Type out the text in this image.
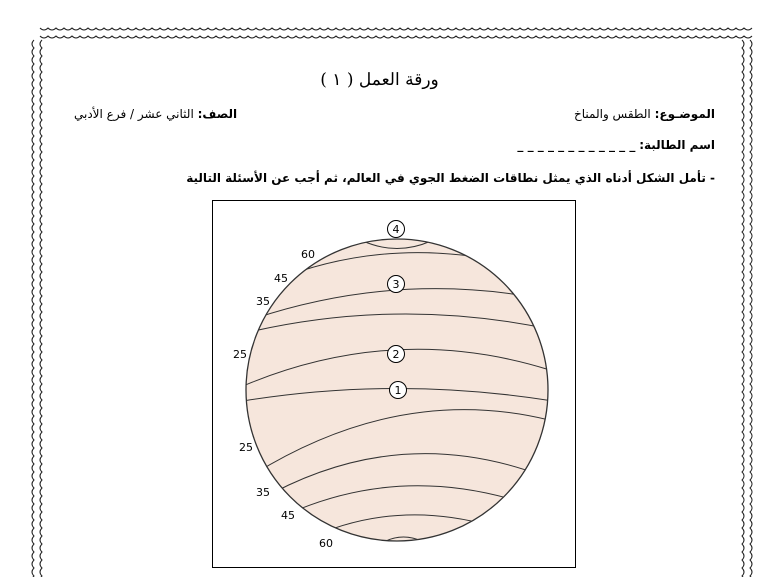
ورقة العمل ( ١ )
الموضـوع: الطقس والمناخ
الصف: الثاني عشر / فرع الأدبي
اسم الطالبة: _ _ _ _ _ _ _ _ _ _ _ _
- تأمل الشكل أدناه الذي يمثل نطاقات الضغط الجوي في العالم، ثم أجب عن الأسئلة التالية
4
3
2
1
60
45
35
25
25
35
45
60
